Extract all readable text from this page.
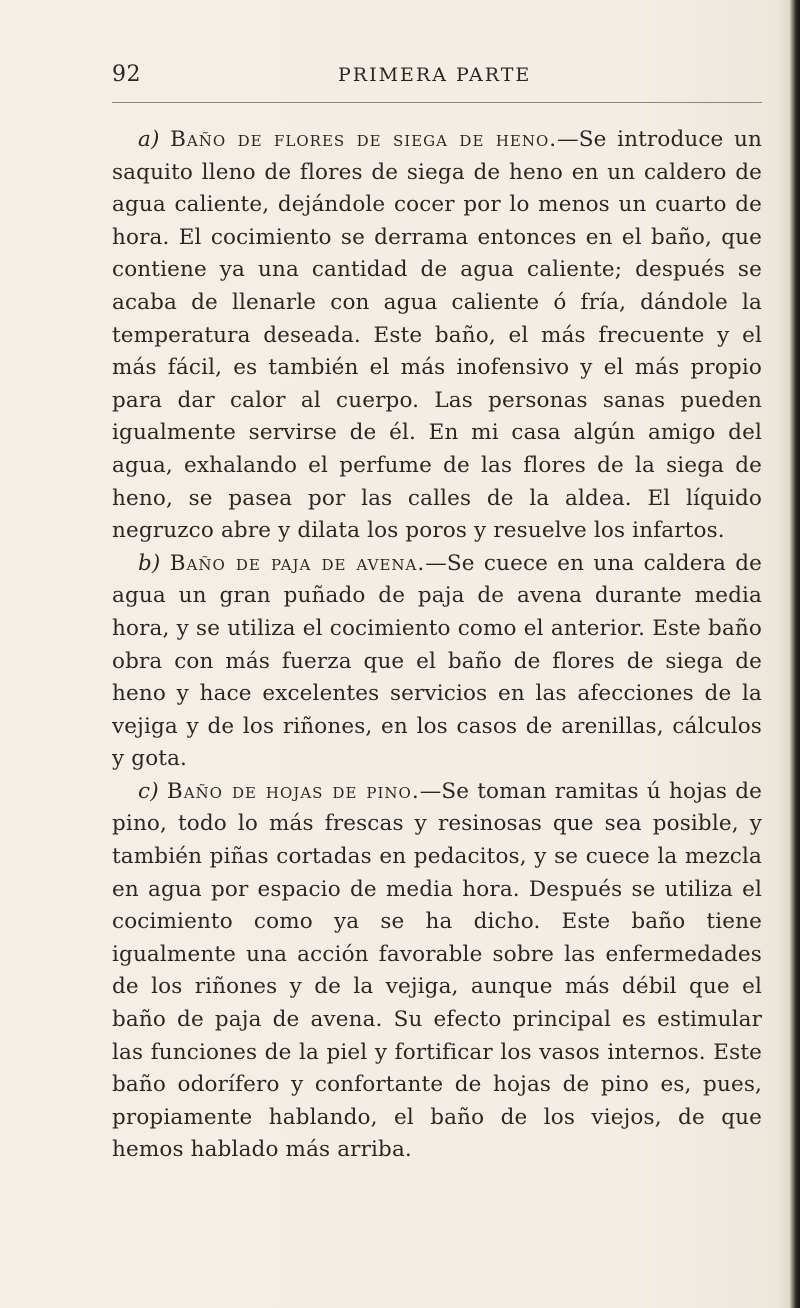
92	PRIMERA PARTE

a) Baño de flores de siega de heno.—Se introduce un saquito lleno de flores de siega de heno en un caldero de agua caliente, dejándole cocer por lo menos un cuarto de hora. El cocimiento se derrama entonces en el baño, que contiene ya una cantidad de agua caliente; después se acaba de llenarle con agua caliente ó fría, dándole la temperatura deseada. Este baño, el más frecuente y el más fácil, es también el más inofensivo y el más propio para dar calor al cuerpo. Las personas sanas pueden igualmente servirse de él. En mi casa algún amigo del agua, exhalando el perfume de las flores de la siega de heno, se pasea por las calles de la aldea. El líquido negruzco abre y dilata los poros y resuelve los infartos.

b) Baño de paja de avena.—Se cuece en una caldera de agua un gran puñado de paja de avena durante media hora, y se utiliza el cocimiento como el anterior. Este baño obra con más fuerza que el baño de flores de siega de heno y hace excelentes servicios en las afecciones de la vejiga y de los riñones, en los casos de arenillas, cálculos y gota.

c) Baño de hojas de pino.—Se toman ramitas ú hojas de pino, todo lo más frescas y resinosas que sea posible, y también piñas cortadas en pedacitos, y se cuece la mezcla en agua por espacio de media hora. Después se utiliza el cocimiento como ya se ha dicho. Este baño tiene igualmente una acción favorable sobre las enfermedades de los riñones y de la vejiga, aunque más débil que el baño de paja de avena. Su efecto principal es estimular las funciones de la piel y fortificar los vasos internos. Este baño odorífero y confortante de hojas de pino es, pues, propiamente hablando, el baño de los viejos, de que hemos hablado más arriba.
